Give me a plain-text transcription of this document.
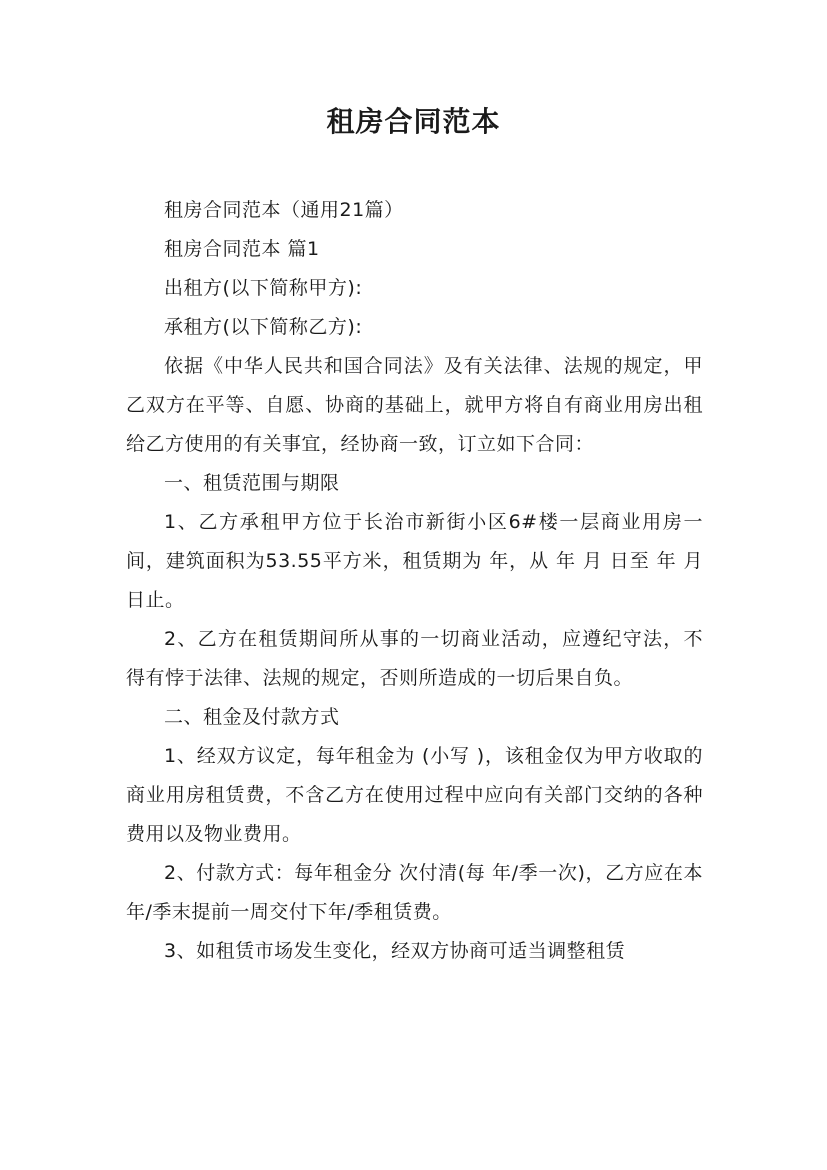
租房合同范本

租房合同范本（通用21篇）

租房合同范本 篇1

出租方(以下简称甲方):

承租方(以下简称乙方):

依据《中华人民共和国合同法》及有关法律、法规的规定，甲乙双方在平等、自愿、协商的基础上，就甲方将自有商业用房出租给乙方使用的有关事宜，经协商一致，订立如下合同：

一、租赁范围与期限

1、乙方承租甲方位于长治市新街小区6#楼一层商业用房一间，建筑面积为53.55平方米，租赁期为 年，从 年 月 日至 年 月 日止。

2、乙方在租赁期间所从事的一切商业活动，应遵纪守法，不得有悖于法律、法规的规定，否则所造成的一切后果自负。

二、租金及付款方式

1、经双方议定，每年租金为 (小写 )，该租金仅为甲方收取的商业用房租赁费，不含乙方在使用过程中应向有关部门交纳的各种费用以及物业费用。

2、付款方式：每年租金分 次付清(每 年/季一次)，乙方应在本年/季末提前一周交付下年/季租赁费。

3、如租赁市场发生变化，经双方协商可适当调整租赁
